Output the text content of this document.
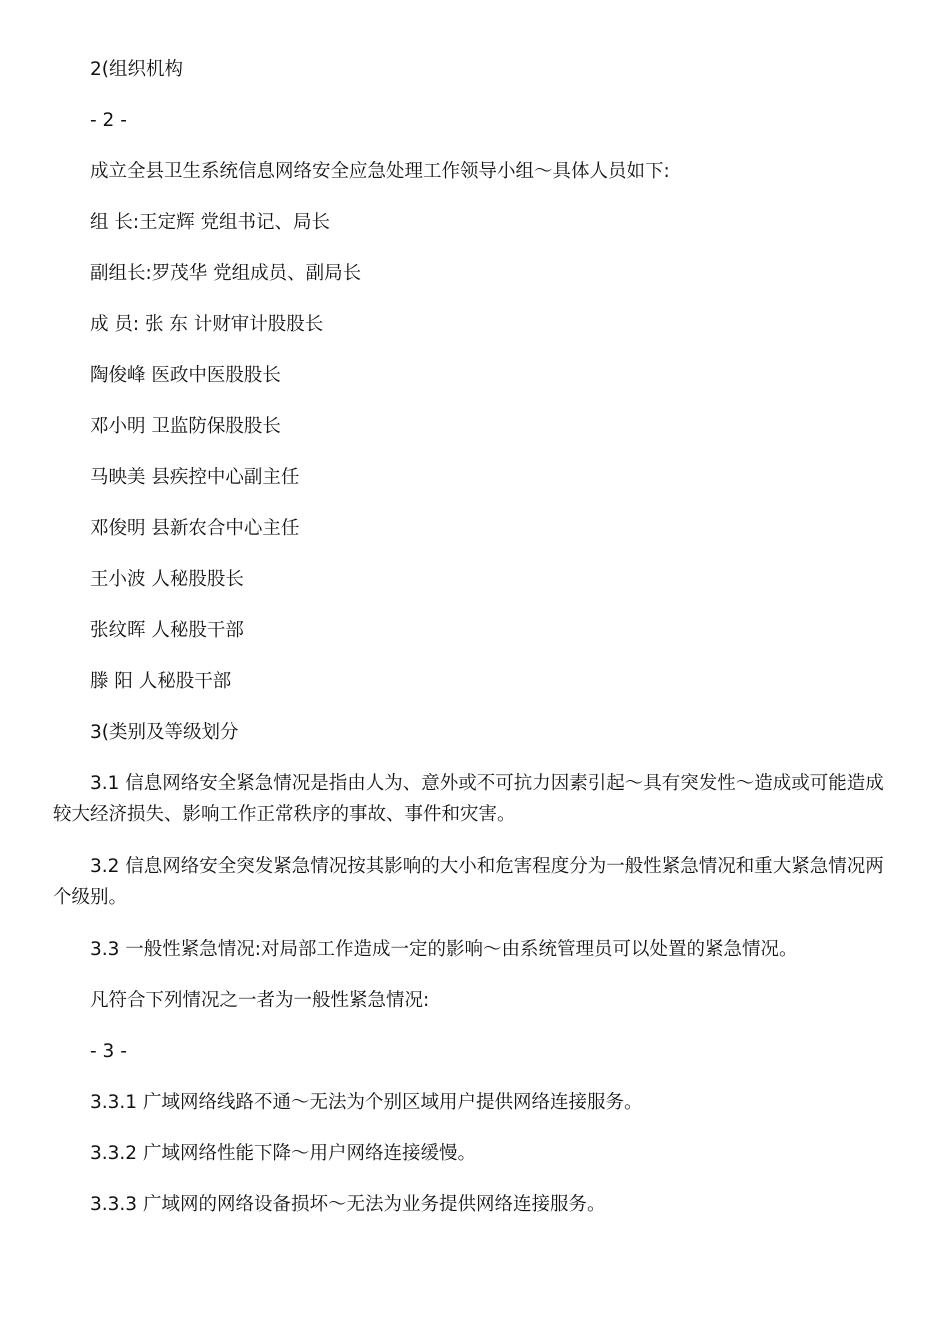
2(组织机构

- 2 -

成立全县卫生系统信息网络安全应急处理工作领导小组～具体人员如下:

组 长:王定辉 党组书记、局长

副组长:罗茂华 党组成员、副局长

成 员: 张 东 计财审计股股长

陶俊峰 医政中医股股长

邓小明 卫监防保股股长

马映美 县疾控中心副主任

邓俊明 县新农合中心主任

王小波 人秘股股长

张纹晖 人秘股干部

滕 阳 人秘股干部

3(类别及等级划分

3.1 信息网络安全紧急情况是指由人为、意外或不可抗力因素引起～具有突发性～造成或可能造成较大经济损失、影响工作正常秩序的事故、事件和灾害。

3.2 信息网络安全突发紧急情况按其影响的大小和危害程度分为一般性紧急情况和重大紧急情况两个级别。

3.3 一般性紧急情况:对局部工作造成一定的影响～由系统管理员可以处置的紧急情况。

凡符合下列情况之一者为一般性紧急情况:

- 3 -

3.3.1 广域网络线路不通～无法为个别区域用户提供网络连接服务。

3.3.2 广域网络性能下降～用户网络连接缓慢。

3.3.3 广域网的网络设备损坏～无法为业务提供网络连接服务。
